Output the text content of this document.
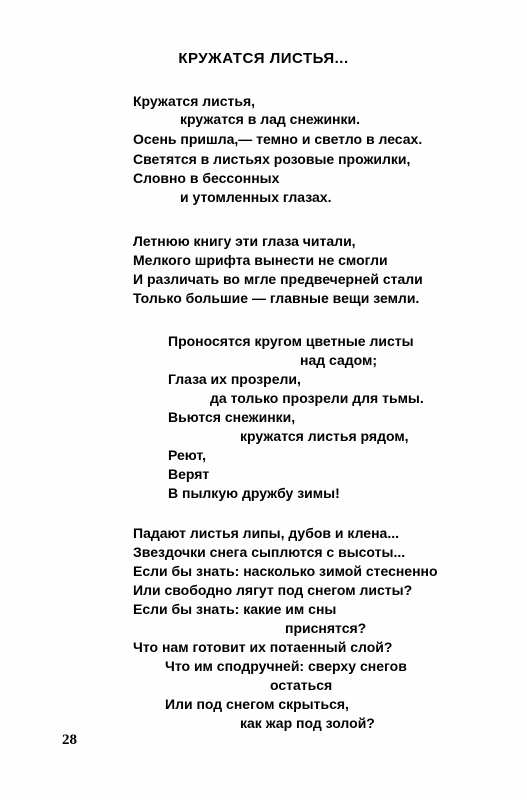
КРУЖАТСЯ ЛИСТЬЯ...
Кружатся листья,
кружатся в лад снежинки.
Осень пришла,— темно и светло в лесах.
Светятся в листьях розовые прожилки,
Словно в бессонных
и утомленных глазах.
Летнюю книгу эти глаза читали,
Мелкого шрифта вынести не смогли
И различать во мгле предвечерней стали
Только большие — главные вещи земли.
Проносятся кругом цветные листы
над садом;
Глаза их прозрели,
да только прозрели для тьмы.
Вьются снежинки,
кружатся листья рядом,
Реют,
Верят
В пылкую дружбу зимы!
Падают листья липы, дубов и клена...
Звездочки снега сыплются с высоты...
Если бы знать: насколько зимой стесненно
Или свободно лягут под снегом листы?
Если бы знать: какие им сны
приснятся?
Что нам готовит их потаенный слой?
Что им сподручней: сверху снегов
остаться
Или под снегом скрыться,
как жар под золой?
28
